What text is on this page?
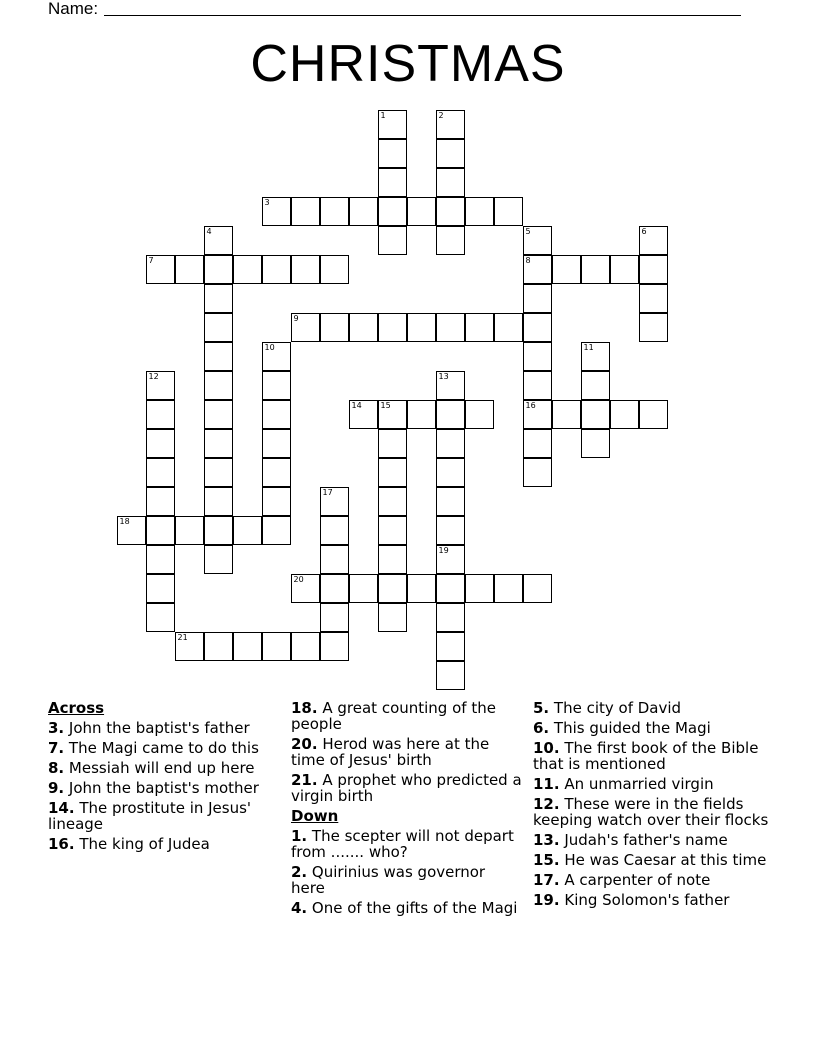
Name:
CHRISTMAS
3
7	8
9
14 15	16
18
20
21
1	2
4	5	6
10	11
12	13
17
19
Across
3. John the baptist's father
7. The Magi came to do this
8. Messiah will end up here
9. John the baptist's mother
14. The prostitute in Jesus' lineage
16. The king of Judea
18. A great counting of the people
20. Herod was here at the time of Jesus' birth
21. A prophet who predicted a virgin birth
Down
1. The scepter will not depart from ....... who?
2. Quirinius was governor here
4. One of the gifts of the Magi
5. The city of David
6. This guided the Magi
10. The first book of the Bible that is mentioned
11. An unmarried virgin
12. These were in the fields keeping watch over their flocks
13. Judah's father's name
15. He was Caesar at this time
17. A carpenter of note
19. King Solomon's father
